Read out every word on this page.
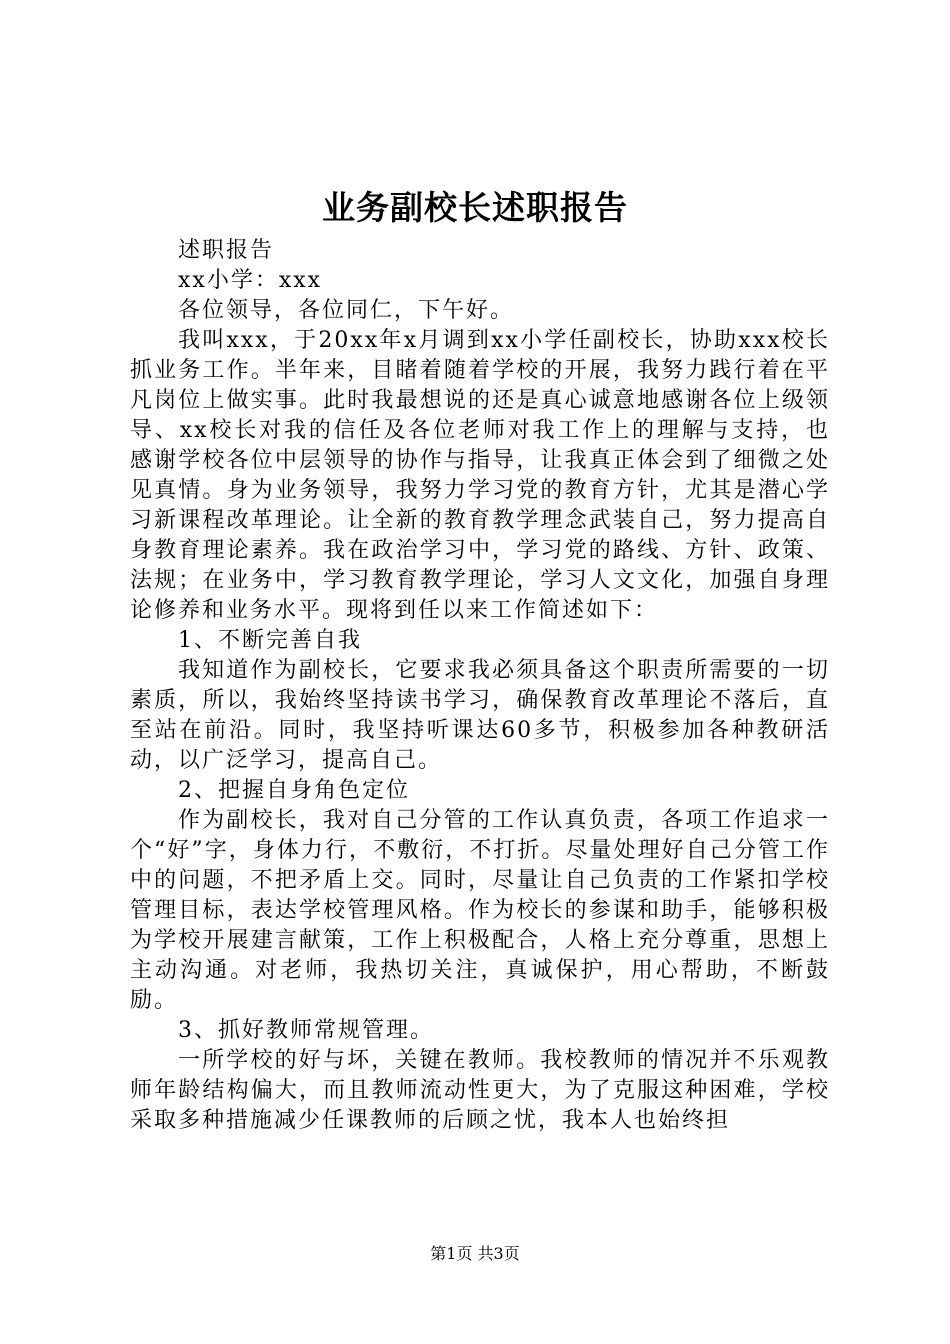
业务副校长述职报告

述职报告

xx小学：xxx

各位领导，各位同仁，下午好。

我叫xxx，于20xx年x月调到xx小学任副校长，协助xxx校长抓业务工作。半年来，目睹着随着学校的开展，我努力践行着在平凡岗位上做实事。此时我最想说的还是真心诚意地感谢各位上级领导、xx校长对我的信任及各位老师对我工作上的理解与支持，也感谢学校各位中层领导的协作与指导，让我真正体会到了细微之处见真情。身为业务领导，我努力学习党的教育方针，尤其是潜心学习新课程改革理论。让全新的教育教学理念武装自己，努力提高自身教育理论素养。我在政治学习中，学习党的路线、方针、政策、法规；在业务中，学习教育教学理论，学习人文文化，加强自身理论修养和业务水平。现将到任以来工作简述如下：

1、不断完善自我

我知道作为副校长，它要求我必须具备这个职责所需要的一切素质，所以，我始终坚持读书学习，确保教育改革理论不落后，直至站在前沿。同时，我坚持听课达60多节，积极参加各种教研活动，以广泛学习，提高自己。

2、把握自身角色定位

作为副校长，我对自己分管的工作认真负责，各项工作追求一个“好”字，身体力行，不敷衍，不打折。尽量处理好自己分管工作中的问题，不把矛盾上交。同时，尽量让自己负责的工作紧扣学校管理目标，表达学校管理风格。作为校长的参谋和助手，能够积极为学校开展建言献策，工作上积极配合，人格上充分尊重，思想上主动沟通。对老师，我热切关注，真诚保护，用心帮助，不断鼓励。

3、抓好教师常规管理。

一所学校的好与坏，关键在教师。我校教师的情况并不乐观教师年龄结构偏大，而且教师流动性更大，为了克服这种困难，学校采取多种措施减少任课教师的后顾之忧，我本人也始终担

第1页 共3页
